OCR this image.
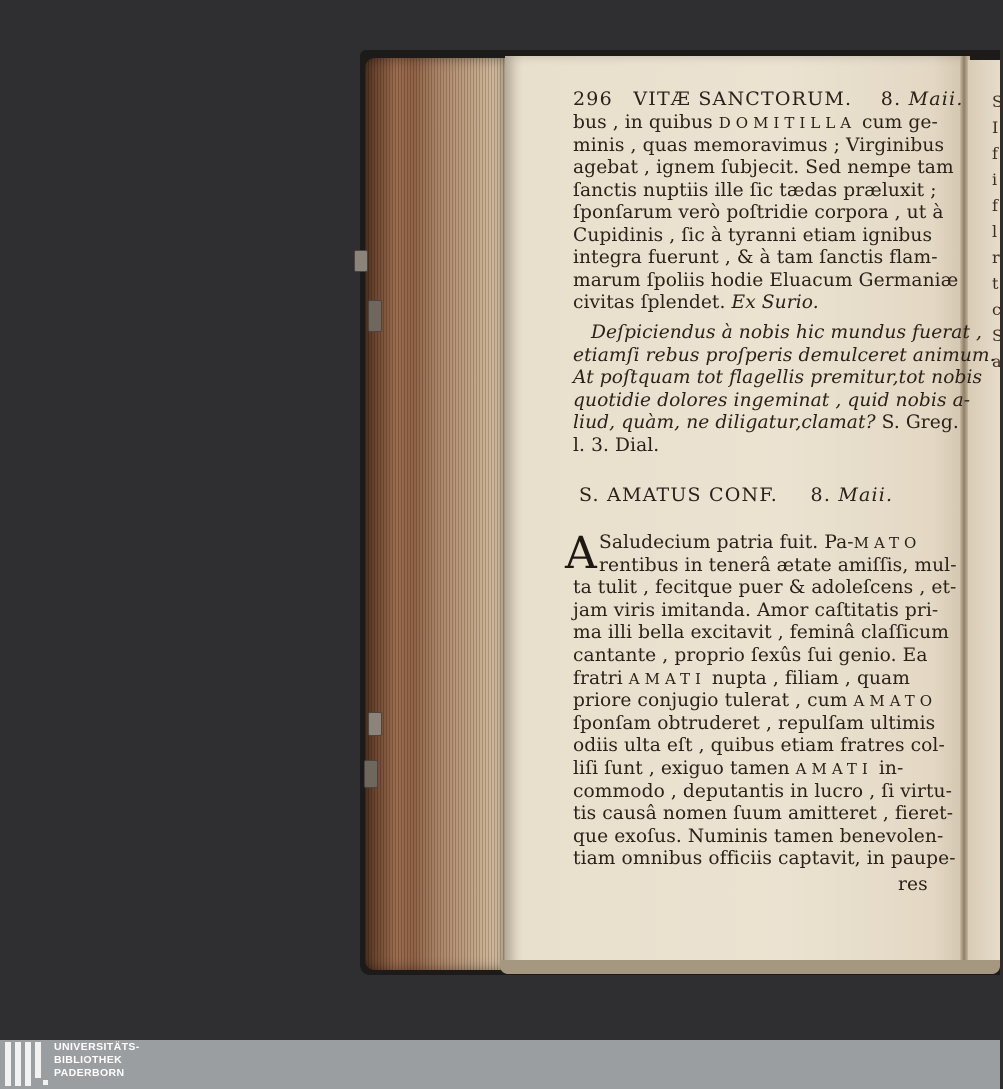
S
I
f
i
f
l
r
t
c
S
a
296 VITÆ SANCTORUM. 8. Maii.
bus , in quibus DOMITILLA cum ge-
minis , quas memoravimus ; Virginibus
agebat , ignem ſubjecit. Sed nempe tam
ſanctis nuptiis ille ſic tædas præluxit ;
ſponſarum verò poſtridie corpora , ut à
Cupidinis , ſic à tyranni etiam ignibus
integra fuerunt , & à tam ſanctis flam-
marum ſpoliis hodie Eluacum Germaniæ
civitas ſplendet. Ex Surio.
Deſpiciendus à nobis hic mundus fuerat ,
etiamſi rebus proſperis demulceret animum.
At poſtquam tot flagellis premitur,tot nobis
quotidie dolores ingeminat , quid nobis a-
liud, quàm, ne diligatur,clamat? S. Greg.
l. 3. Dial.
S. AMATUS CONF. 8. Maii.
A Saludecium patria fuit. Pa-MATO
rentibus in tenerâ ætate amiſſis, mul-
ta tulit , fecitque puer & adoleſcens , et-
jam viris imitanda. Amor caſtitatis pri-
ma illi bella excitavit , feminâ claſſicum
cantante , proprio ſexûs ſui genio. Ea
fratri AMATI nupta , filiam , quam
priore conjugio tulerat , cum AMATO
ſponſam obtruderet , repulſam ultimis
odiis ulta eſt , quibus etiam fratres col-
liſi ſunt , exiguo tamen AMATI in-
commodo , deputantis in lucro , ſi virtu-
tis causâ nomen ſuum amitteret , fieret-
que exoſus. Numinis tamen benevolen-
tiam omnibus officiis captavit, in paupe-
res
UNIVERSITÄTS-
BIBLIOTHEK
PADERBORN
